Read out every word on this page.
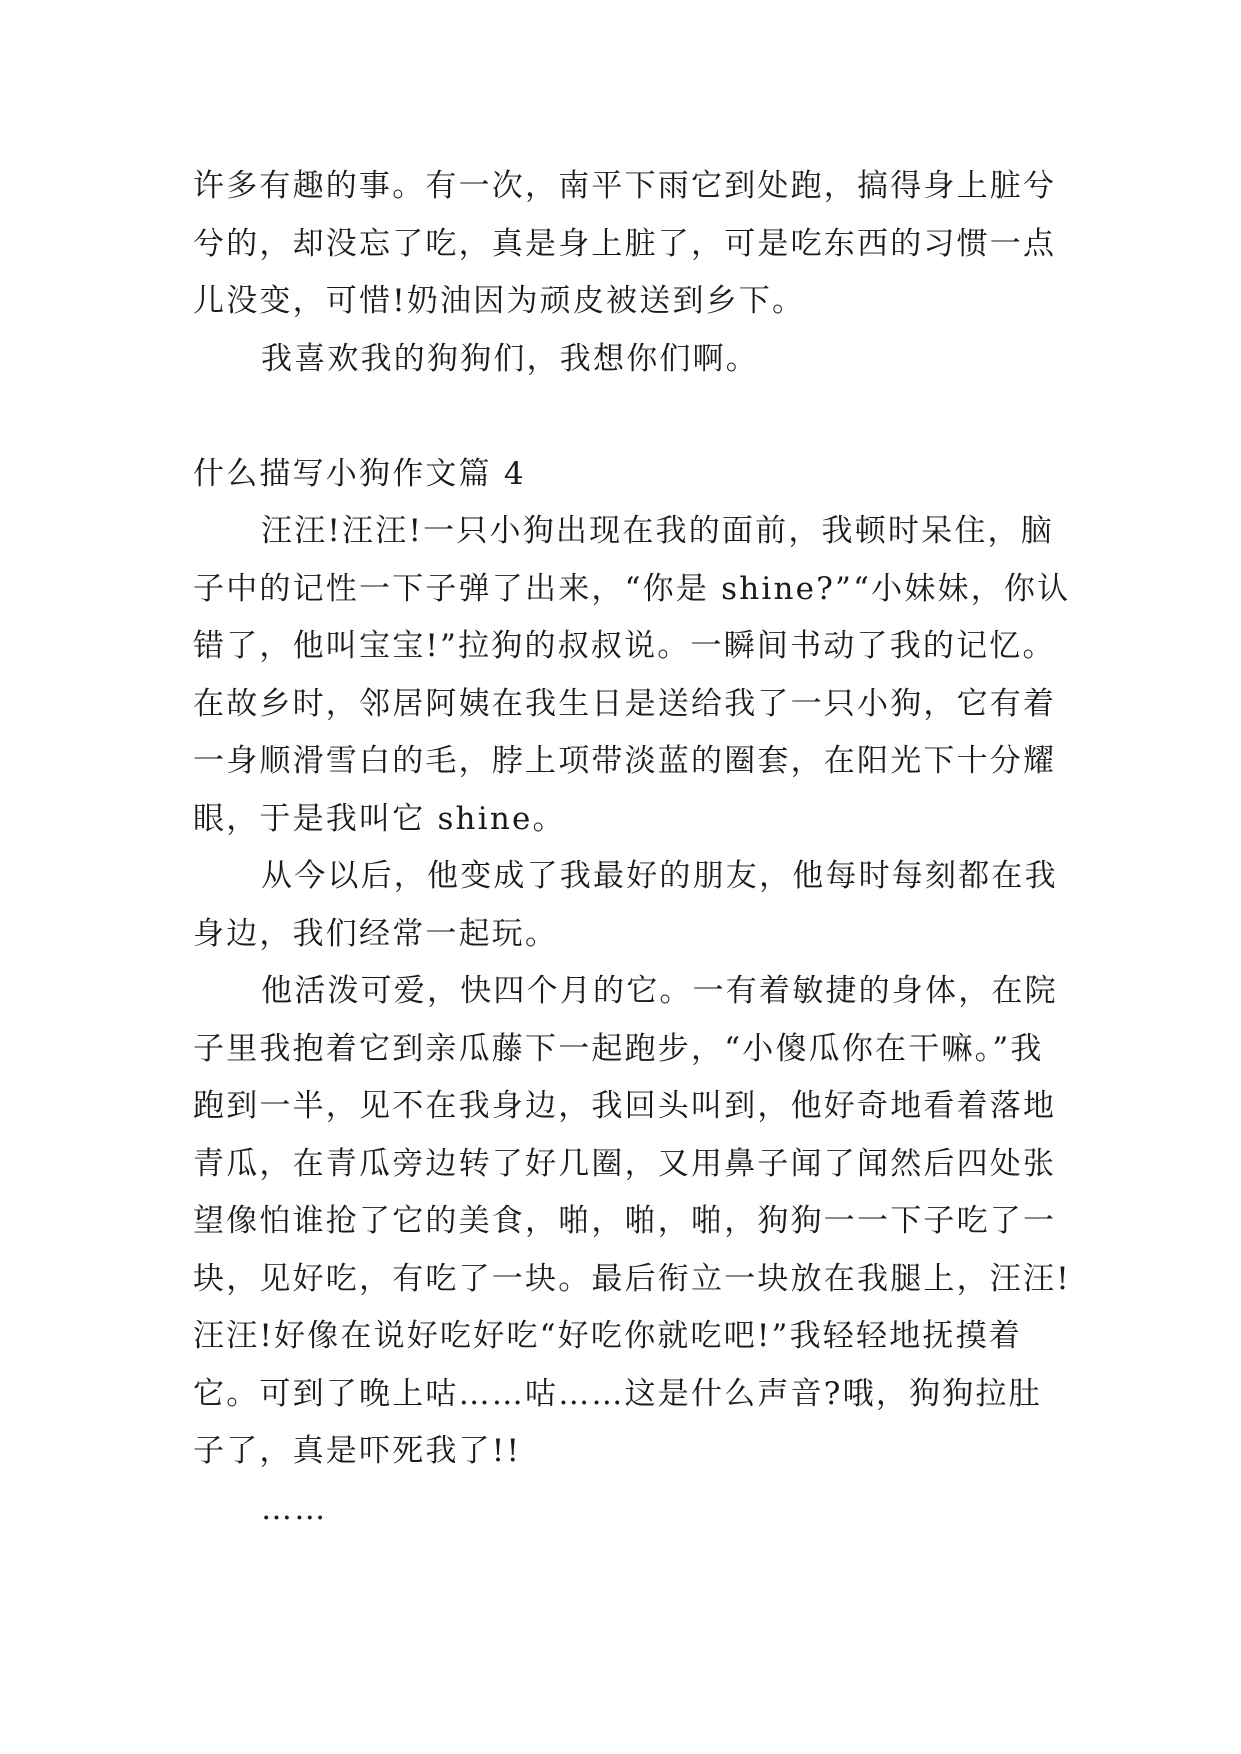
许多有趣的事。有一次，南平下雨它到处跑，搞得身上脏兮
兮的，却没忘了吃，真是身上脏了，可是吃东西的习惯一点
儿没变，可惜!奶油因为顽皮被送到乡下。
我喜欢我的狗狗们，我想你们啊。
什么描写小狗作文篇 4
汪汪!汪汪!一只小狗出现在我的面前，我顿时呆住，脑
子中的记性一下子弹了出来，“你是 shine?”“小妹妹，你认
错了，他叫宝宝!”拉狗的叔叔说。一瞬间书动了我的记忆。
在故乡时，邻居阿姨在我生日是送给我了一只小狗，它有着
一身顺滑雪白的毛，脖上项带淡蓝的圈套，在阳光下十分耀
眼，于是我叫它 shine。
从今以后，他变成了我最好的朋友，他每时每刻都在我
身边，我们经常一起玩。
他活泼可爱，快四个月的它。一有着敏捷的身体，在院
子里我抱着它到亲瓜藤下一起跑步，“小傻瓜你在干嘛。”我
跑到一半，见不在我身边，我回头叫到，他好奇地看着落地
青瓜，在青瓜旁边转了好几圈，又用鼻子闻了闻然后四处张
望像怕谁抢了它的美食，啪，啪，啪，狗狗一一下子吃了一
块，见好吃，有吃了一块。最后衔立一块放在我腿上，汪汪!
汪汪!好像在说好吃好吃“好吃你就吃吧!”我轻轻地抚摸着
它。可到了晚上咕……咕……这是什么声音?哦，狗狗拉肚
子了，真是吓死我了!!
……
